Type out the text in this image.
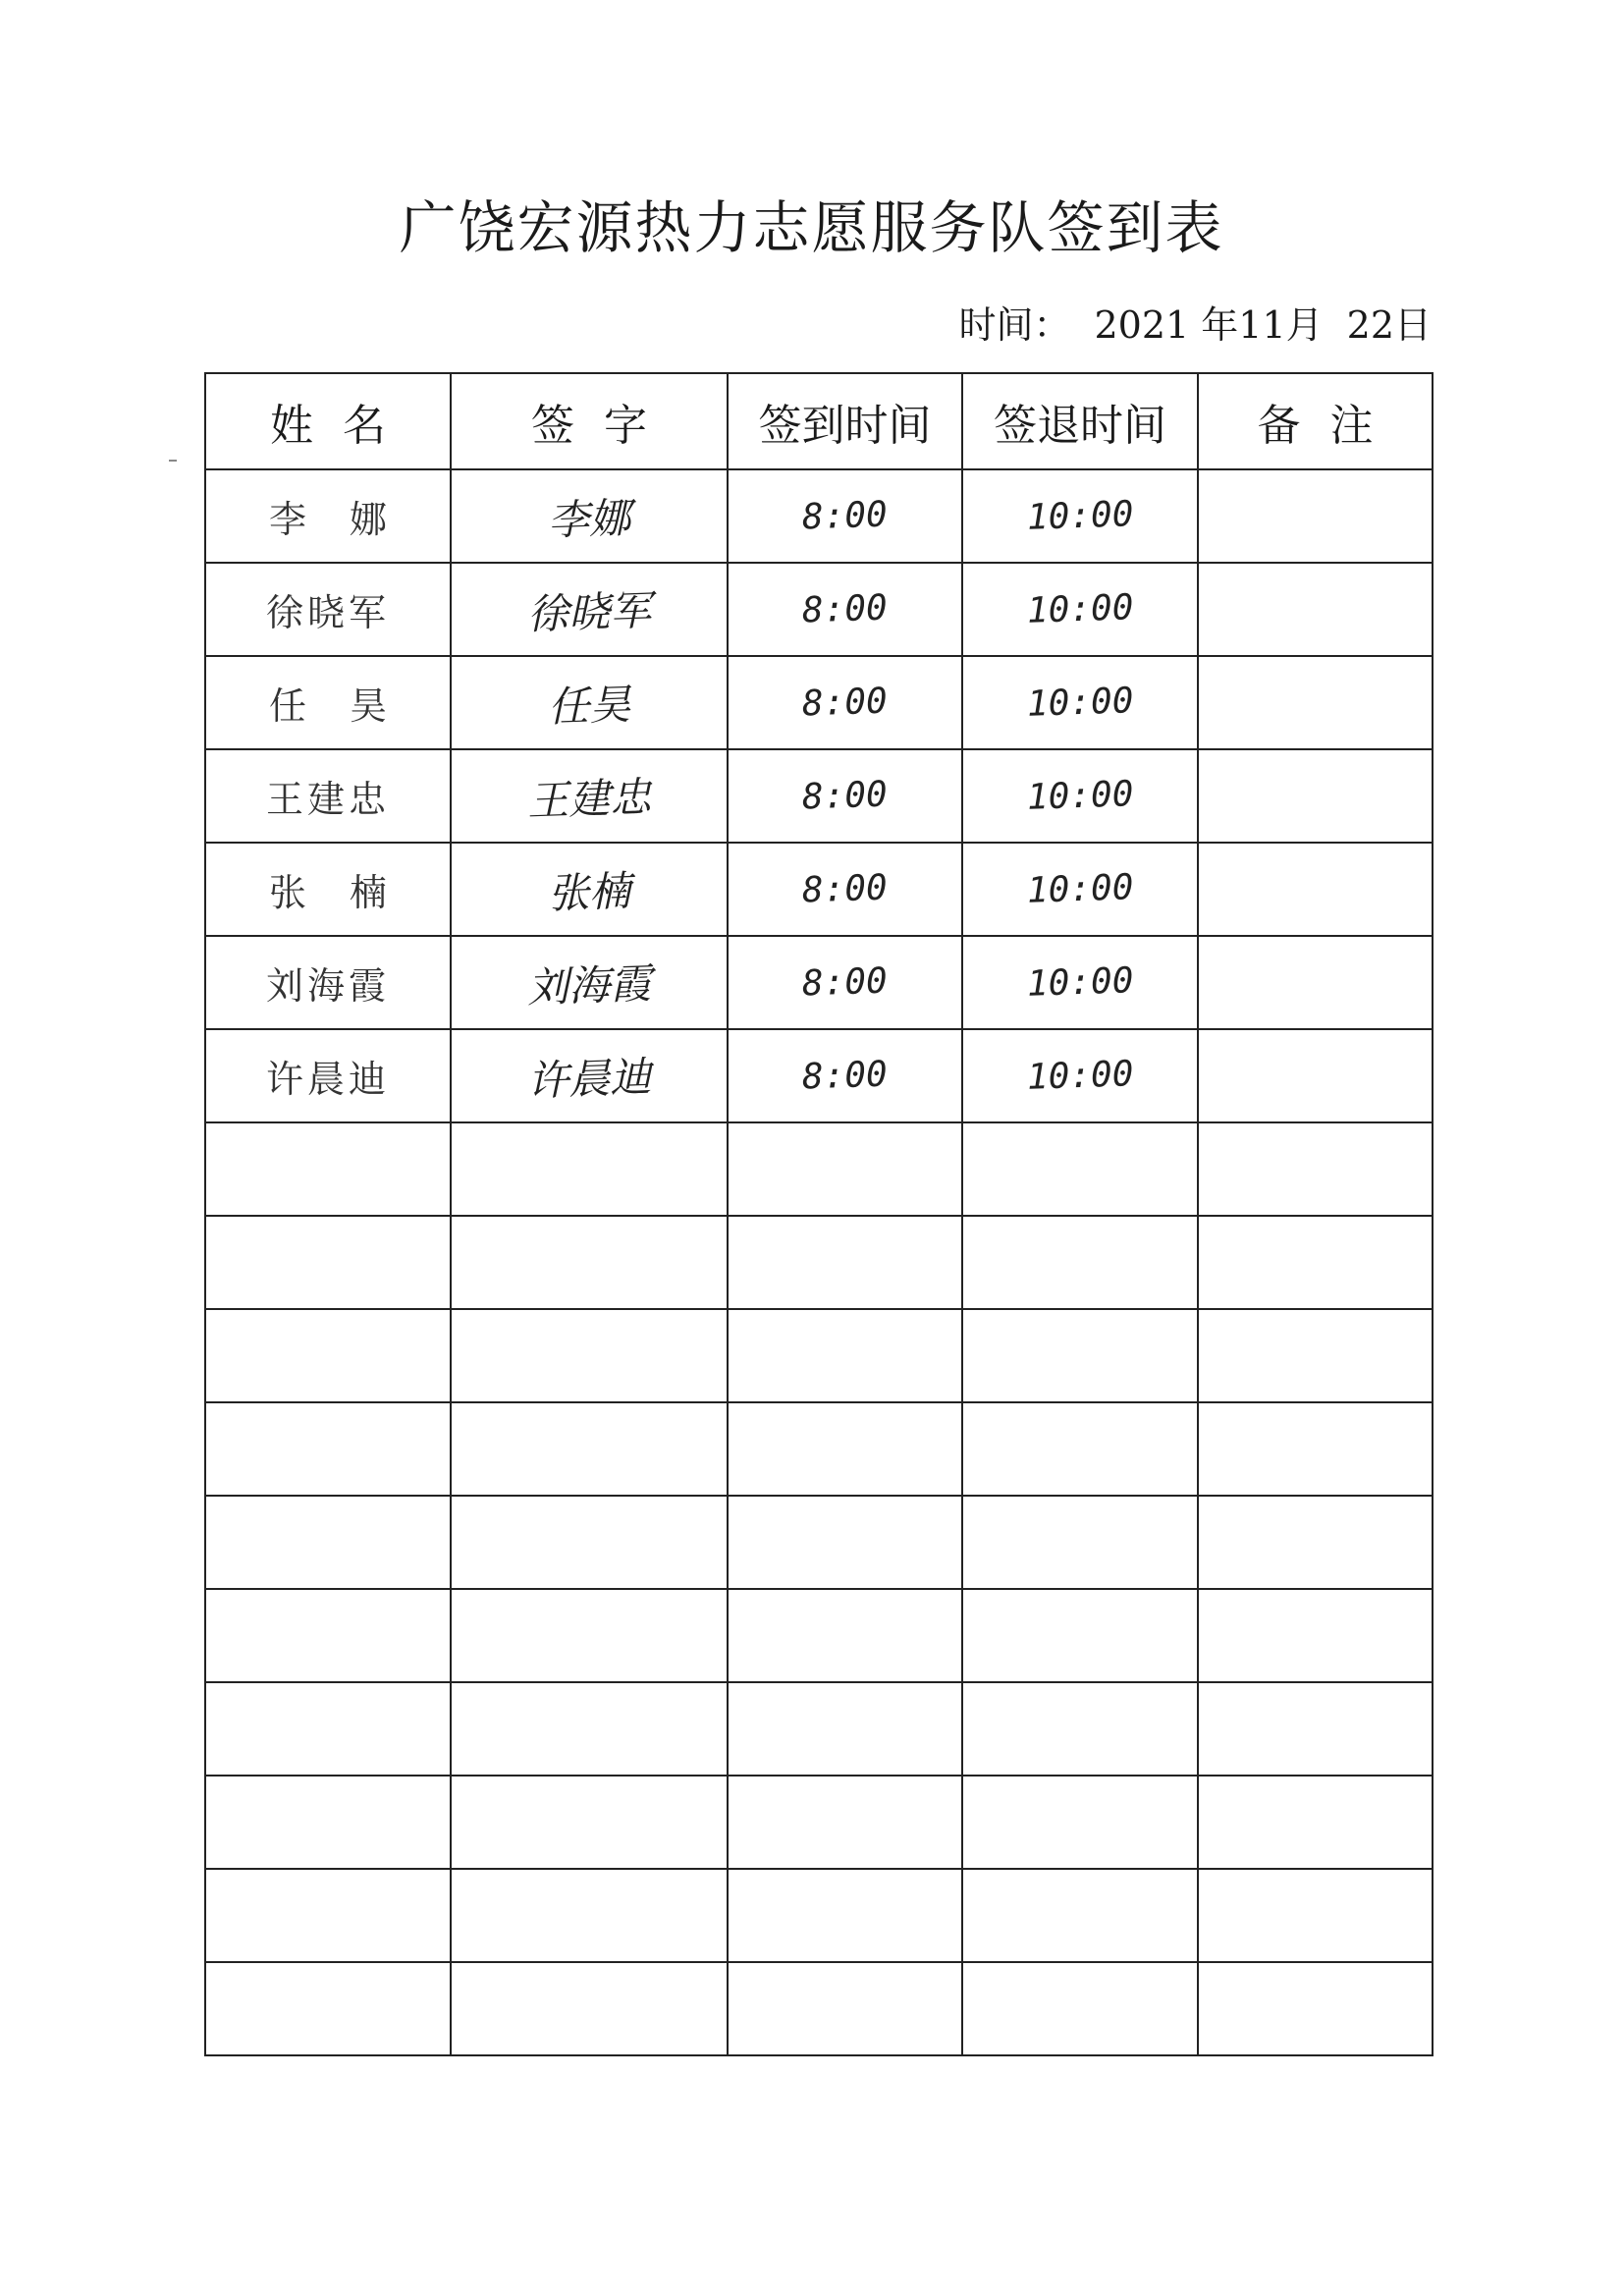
广饶宏源热力志愿服务队签到表
时间： 2021 年11月 22日
姓名	签字	签到时间	签退时间	备注
李娜	李娜	8:00	10:00	
徐晓军	徐晓军	8:00	10:00	
任昊	任昊	8:00	10:00	
王建忠	王建忠	8:00	10:00	
张楠	张楠	8:00	10:00	
刘海霞	刘海霞	8:00	10:00	
许晨迪	许晨迪	8:00	10:00	
